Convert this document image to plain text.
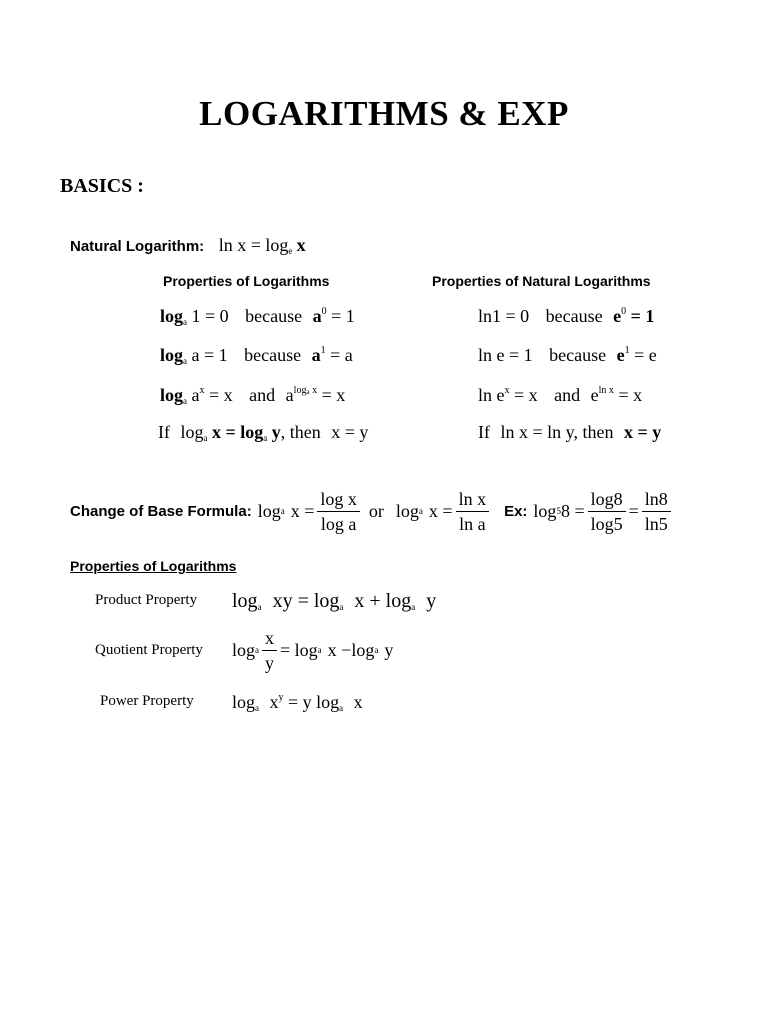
LOGARITHMS & EXP
BASICS :
Natural Logarithm: $\ln x = \log_e x$
Properties of Logarithms	Properties of Natural Logarithms
$\log_a 1 = 0$ because $a^0 = 1$
$\log_a a = 1$ because $a^1 = a$
$\log_a a^x = x$ and $a^{log_a x} = x$
If $\log_a x = \log_a y$, then x = y
ln1 = 0 because $e^0 = 1$
ln e = 1 because $e^1 = e$
$\ln e^x = x$ and $e^{ln x} = x$
If ln x = ln y, then x = y
Change of Base Formula: log a $x = \frac{\text{log x}}{\text{log a}}$ or log a $x = \frac{\text{ln x}}{\text{ln a}} Ex$: log 5 $8 = \frac{\log 8}{\log 5} = \frac{\ln 8}{\ln 5}$
Properties of Logarithms
Product Property $\log_a$ xy = $\log_a x + \log_a y$
Quotient Property log a $\frac{x}{y} = \log a$ x −log a y
Power Property $\log_a x^y = y$ $\log_a x$
